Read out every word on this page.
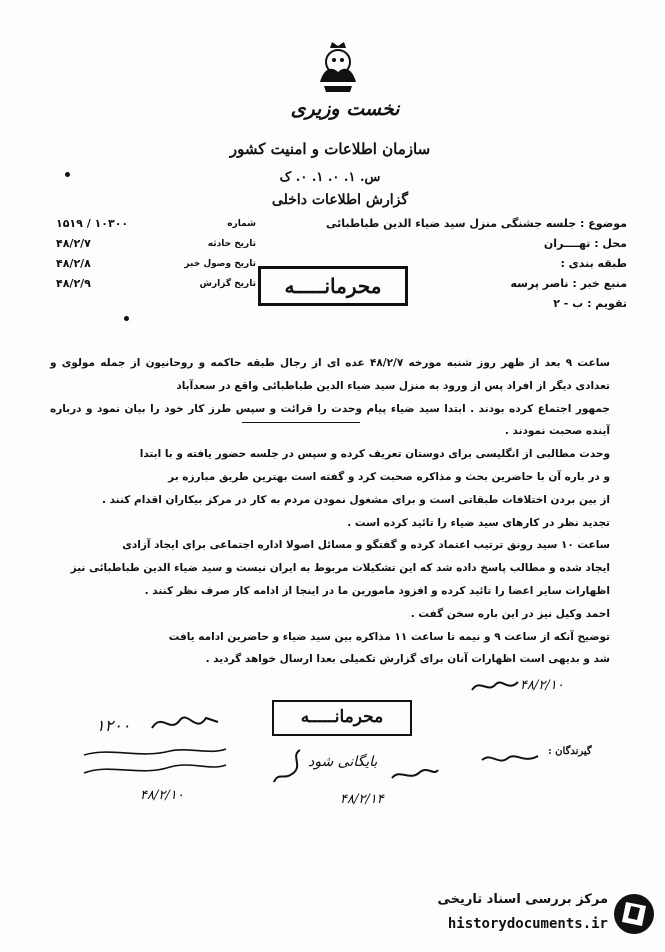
نخست وزیری
سازمان اطلاعات و امنیت کشور
س. ۱. ۰. ۱. ۰. ک
گزارش اطلاعات داخلی
موضوع : جلسه جشنگی منزل سید ضیاء الدین طباطبائی
محل : تهــــران
طبقه بندی :
منبع خبر : ناصر پرسه
تقویم : ب - ۲
شماره
۱۰۳۰۰ / ۱۵۱۹
تاریخ حادثه
۴۸/۲/۷
تاریخ وصول خبر
۴۸/۲/۸
تاریخ گزارش
۴۸/۲/۹	محرمانـــــه

ساعت ۹ بعد از ظهر روز شنبه مورخه ۴۸/۲/۷ عده ای از رجال طبقه حاکمه و روحانیون از جمله مولوی و تعدادی دیگر از افراد پس از ورود به منزل سید ضیاء الدین طباطبائی واقع در سعدآباد

جمهور اجتماع کرده بودند . ابتدا سید ضیاء پیام وحدت را قرائت و سپس طرز کار خود را بیان نمود و درباره آینده صحبت نمودند .

وحدت مطالبی از انگلیسی برای دوستان تعریف کرده و سپس در جلسه حضور یافته و با ابتدا

و در باره آن با حاضرین بحث و مذاکره صحبت کرد و گفته است بهترین طریق مبارزه بر

از بین بردن اختلافات طبقاتی است و برای مشغول نمودن مردم به کار در مرکز بیکاران اقدام کنند .

تجدید نظر در کارهای سید ضیاء را تائید کرده است .

ساعت ۱۰ سید رونق ترتیب اعتماد کرده و گفتگو و مسائل اصولا اداره اجتماعی برای ایجاد آزادی

ایجاد شده و مطالب پاسخ داده شد که این تشکیلات مربوط به ایران نیست و سید ضیاء الدین طباطبائی نیز

اظهارات سایر اعضا را تائید کرده و افزود مامورین ما در اینجا از ادامه کار صرف نظر کنند .

احمد وکیل نیز در این باره سخن گفت .

توضیح آنکه از ساعت ۹ و نیمه تا ساعت ۱۱ مذاکره بین سید ضیاء و حاضرین ادامه یافت

شد و بدیهی است اظهارات آنان برای گزارش تکمیلی بعدا ارسال خواهد گردید .

۴۸/۲/۱۰
محرمانـــــه
۱۲۰۰
گیرندگان :
بایگانی شود
۴۸/۲/۱۰	۴۸/۲/۱۴
مرکز بررسی اسناد تاریخی
historydocuments.ir
